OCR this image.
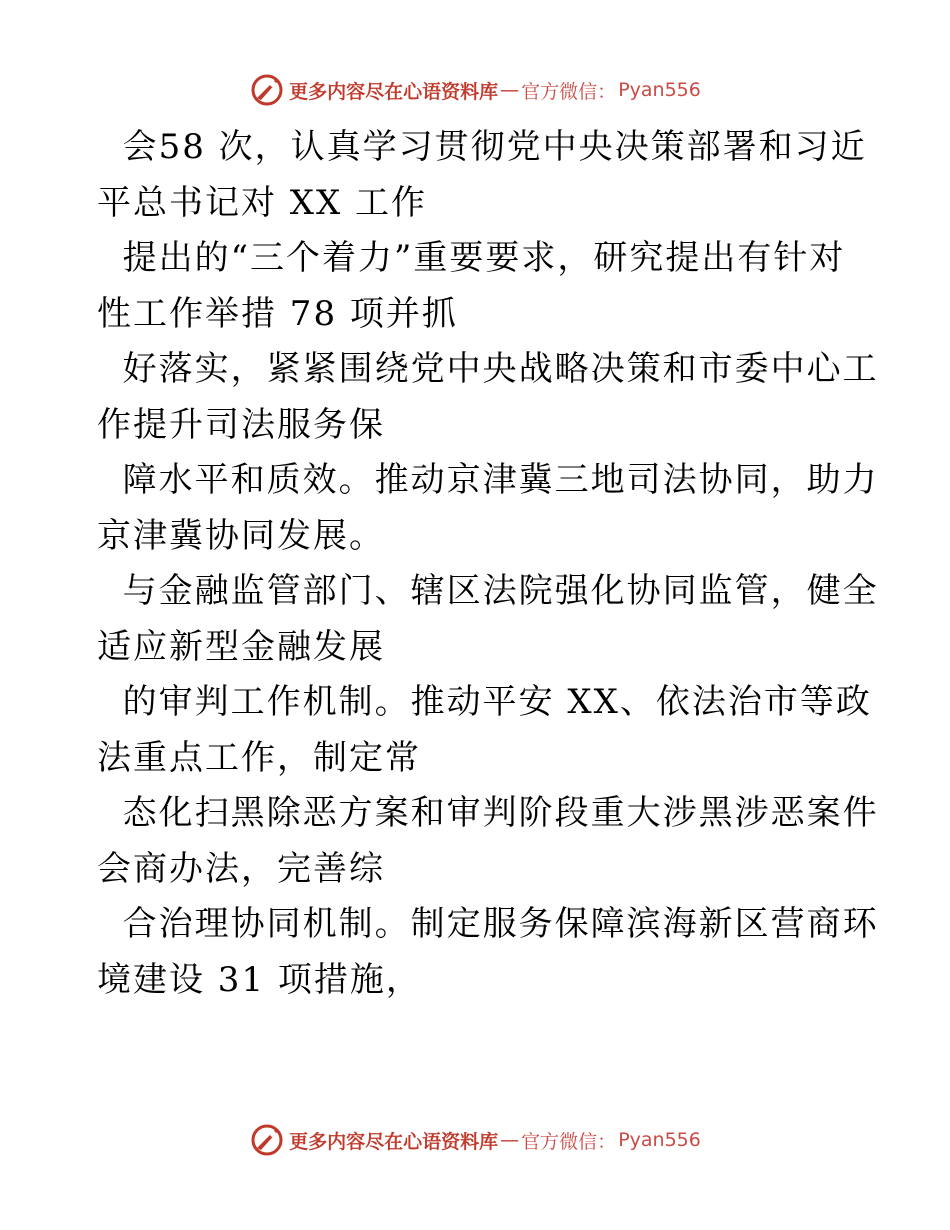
更多内容尽在心语资料库 — 官方微信： Pyan556

会58 次，认真学习贯彻党中央决策部署和习近

平总书记对 XX 工作

提出的“三个着力”重要要求，研究提出有针对

性工作举措 78 项并抓

好落实，紧紧围绕党中央战略决策和市委中心工

作提升司法服务保

障水平和质效。推动京津冀三地司法协同，助力

京津冀协同发展。

与金融监管部门、辖区法院强化协同监管，健全

适应新型金融发展

的审判工作机制。推动平安 XX、依法治市等政

法重点工作，制定常

态化扫黑除恶方案和审判阶段重大涉黑涉恶案件

会商办法，完善综

合治理协同机制。制定服务保障滨海新区营商环

境建设 31 项措施，

更多内容尽在心语资料库 — 官方微信： Pyan556
